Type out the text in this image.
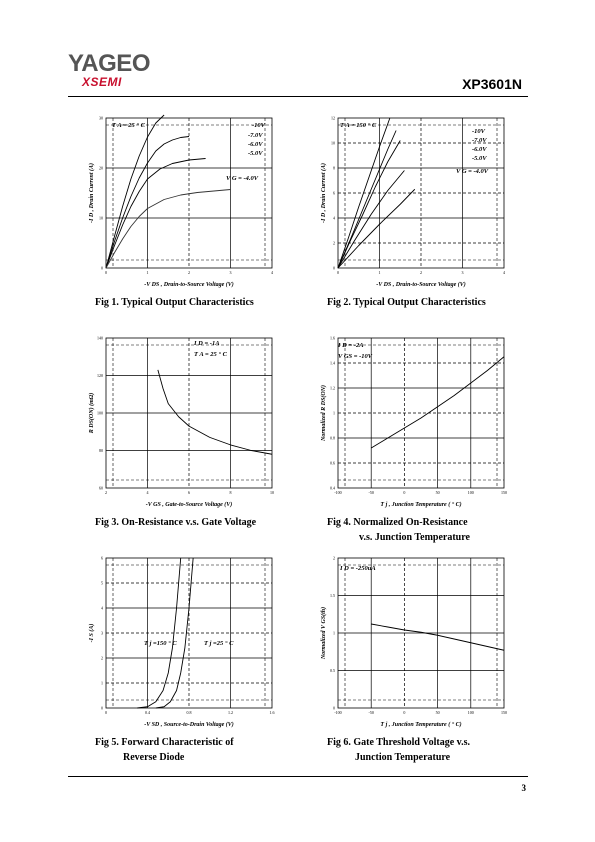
YAGEO
XSEMI	XP3601N
0	1	2	3	4
0
10
20
30
-V DS , Drain-to-Source Voltage (V)
-I D , Drain Current (A)
T A = 25 ° C	-10V
-7.0V
-6.0V
-5.0V
V G = -4.0V
Fig 1. Typical Output Characteristics
0	1	2	3	4
0
2
4
6
8
10
12
-V DS , Drain-to-Source Voltage (V)
-I D , Drain Current (A)
T A = 150 ° C
-10V
-7.0V
-6.0V
-5.0V
V G = -4.0V
Fig 2. Typical Output Characteristics
2	4	6	8	10
60
80
100
120
140
-V GS , Gate-to-Source Voltage (V)
R DS(ON) (mΩ)
I D = -1A
T A = 25 ° C
Fig 3. On-Resistance v.s. Gate Voltage
-100	-50	0	50	100	150
0.4
0.6
0.8
1
1.2
1.4
1.6
T j , Junction Temperature ( ° C)
Normalized R DS(ON)
I D = -2A
V GS = -10V
Fig 4. Normalized On-Resistance
v.s. Junction Temperature
0	0.4	0.8	1.2	1.6
0
1
2
3
4
5
6
-V SD , Source-to-Drain Voltage (V)
-I S (A)
T j =150 ° C	T j =25 ° C
Fig 5. Forward Characteristic of
Reverse Diode
-100	-50	0	50	100	150
0
0.5
1
1.5
2
T j , Junction Temperature ( ° C)
Normalized V GS(th)
I D = -250uA
Fig 6. Gate Threshold Voltage v.s.
Junction Temperature
3
